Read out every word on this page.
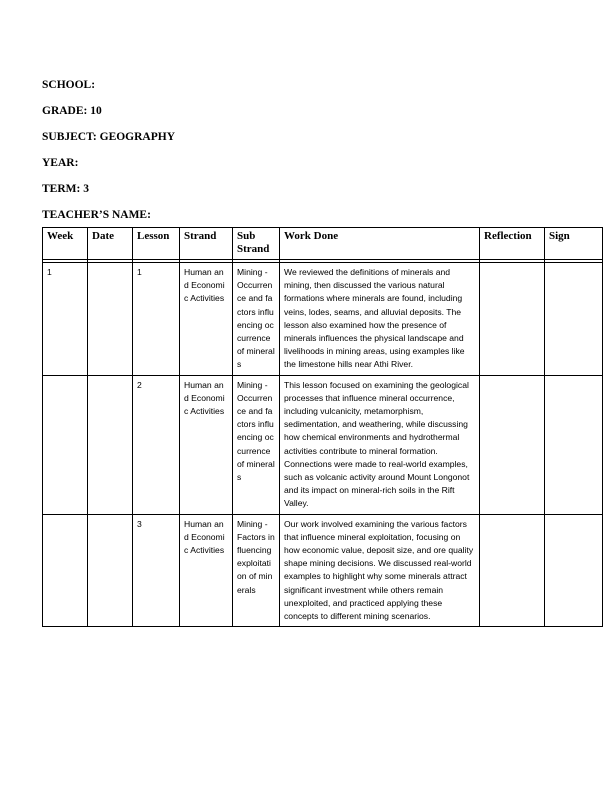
SCHOOL:
GRADE: 10
SUBJECT: GEOGRAPHY
YEAR:
TERM: 3
TEACHER’S NAME:
Week	Date	Lesson	Strand	Sub Strand	Work Done	Reflection	Sign

1		1	Human and Economic Activities	Mining - Occurrence and factors influencing occurrence of minerals	We reviewed the definitions of minerals and mining, then discussed the various natural formations where minerals are found, including veins, lodes, seams, and alluvial deposits. The lesson also examined how the presence of minerals influences the physical landscape and livelihoods in mining areas, using examples like the limestone hills near Athi River.		
		2	Human and Economic Activities	Mining - Occurrence and factors influencing occurrence of minerals	This lesson focused on examining the geological processes that influence mineral occurrence, including vulcanicity, metamorphism, sedimentation, and weathering, while discussing how chemical environments and hydrothermal activities contribute to mineral formation. Connections were made to real-world examples, such as volcanic activity around Mount Longonot and its impact on mineral-rich soils in the Rift Valley.		
		3	Human and Economic Activities	Mining - Factors influencing exploitation of minerals	Our work involved examining the various factors that influence mineral exploitation, focusing on how economic value, deposit size, and ore quality shape mining decisions. We discussed real-world examples to highlight why some minerals attract significant investment while others remain unexploited, and practiced applying these concepts to different mining scenarios.		
